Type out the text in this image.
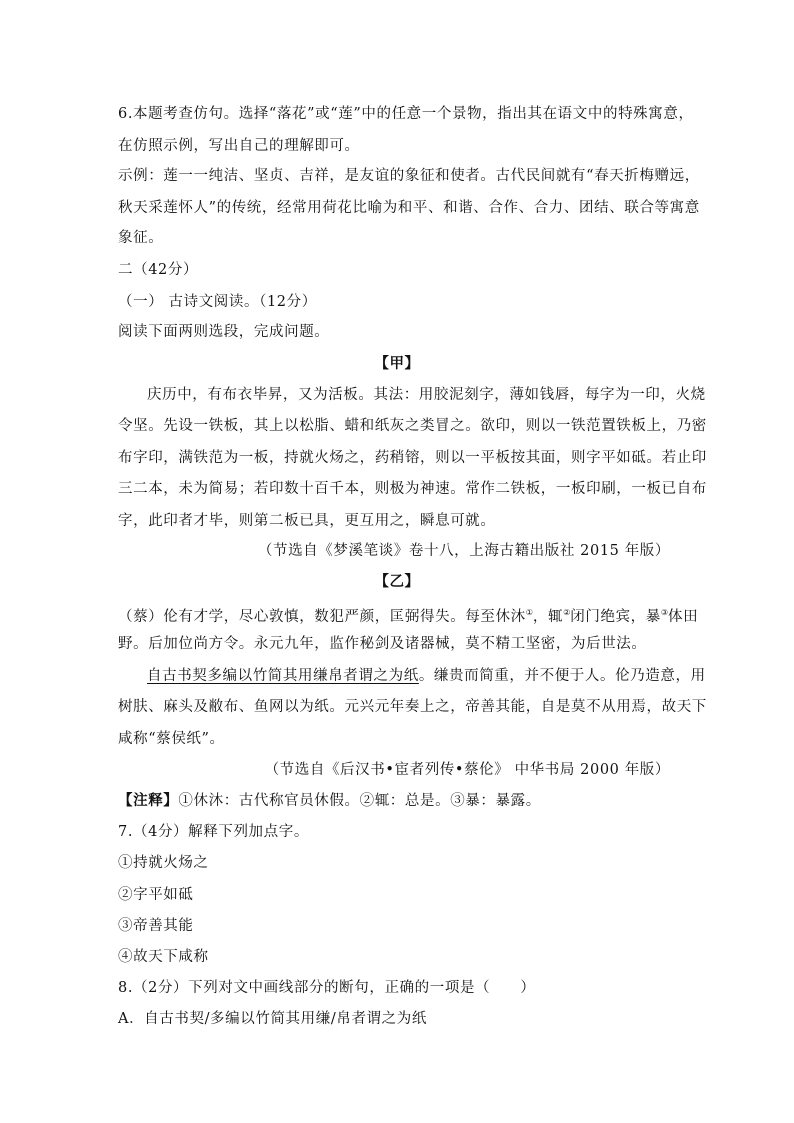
6.本题考查仿句。选择“落花”或“莲”中的任意一个景物，指出其在语文中的特殊寓意，
在仿照示例，写出自己的理解即可。
示例：莲一一纯洁、坚贞、吉祥，是友谊的象征和使者。古代民间就有“春天折梅赠远，
秋天采莲怀人”的传统，经常用荷花比喻为和平、和谐、合作、合力、团结、联合等寓意
象征。
二（42分）
（一） 古诗文阅读。（12分）
阅读下面两则选段，完成问题。
【甲】
庆历中，有布衣毕昇，又为活板。其法：用胶泥刻字，薄如钱唇，每字为一印，火烧
令坚。先设一铁板，其上以松脂、蜡和纸灰之类冒之。欲印，则以一铁范置铁板上，乃密
布字印，满铁范为一板，持就火炀之，药稍镕，则以一平板按其面，则字平如砥。若止印
三二本，未为简易；若印数十百千本，则极为神速。常作二铁板，一板印刷，一板已自布
字，此印者才毕，则第二板已具，更互用之，瞬息可就。
（节选自《梦溪笔谈》卷十八，上海古籍出版社 2015 年版）
【乙】
（蔡）伦有才学，尽心敦慎，数犯严颜，匡弼得失。每至休沐①，辄②闭门绝宾，暴③体田
野。后加位尚方令。永元九年，监作秘剑及诸器械，莫不精工坚密，为后世法。
自古书契多编以竹简其用缣帛者谓之为纸。缣贵而简重，并不便于人。伦乃造意，用
树肤、麻头及敝布、鱼网以为纸。元兴元年奏上之，帝善其能，自是莫不从用焉，故天下
咸称“蔡侯纸”。
（节选自《后汉书•宦者列传•蔡伦》 中华书局 2000 年版）
【注释】①休沐：古代称官员休假。②辄：总是。③暴：暴露。
7.（4分）解释下列加点字。
①持就火炀之
②字平如砥
③帝善其能
④故天下咸称
8.（2分）下列对文中画线部分的断句，正确的一项是（　　）
A．自古书契/多编以竹简其用缣/帛者谓之为纸
